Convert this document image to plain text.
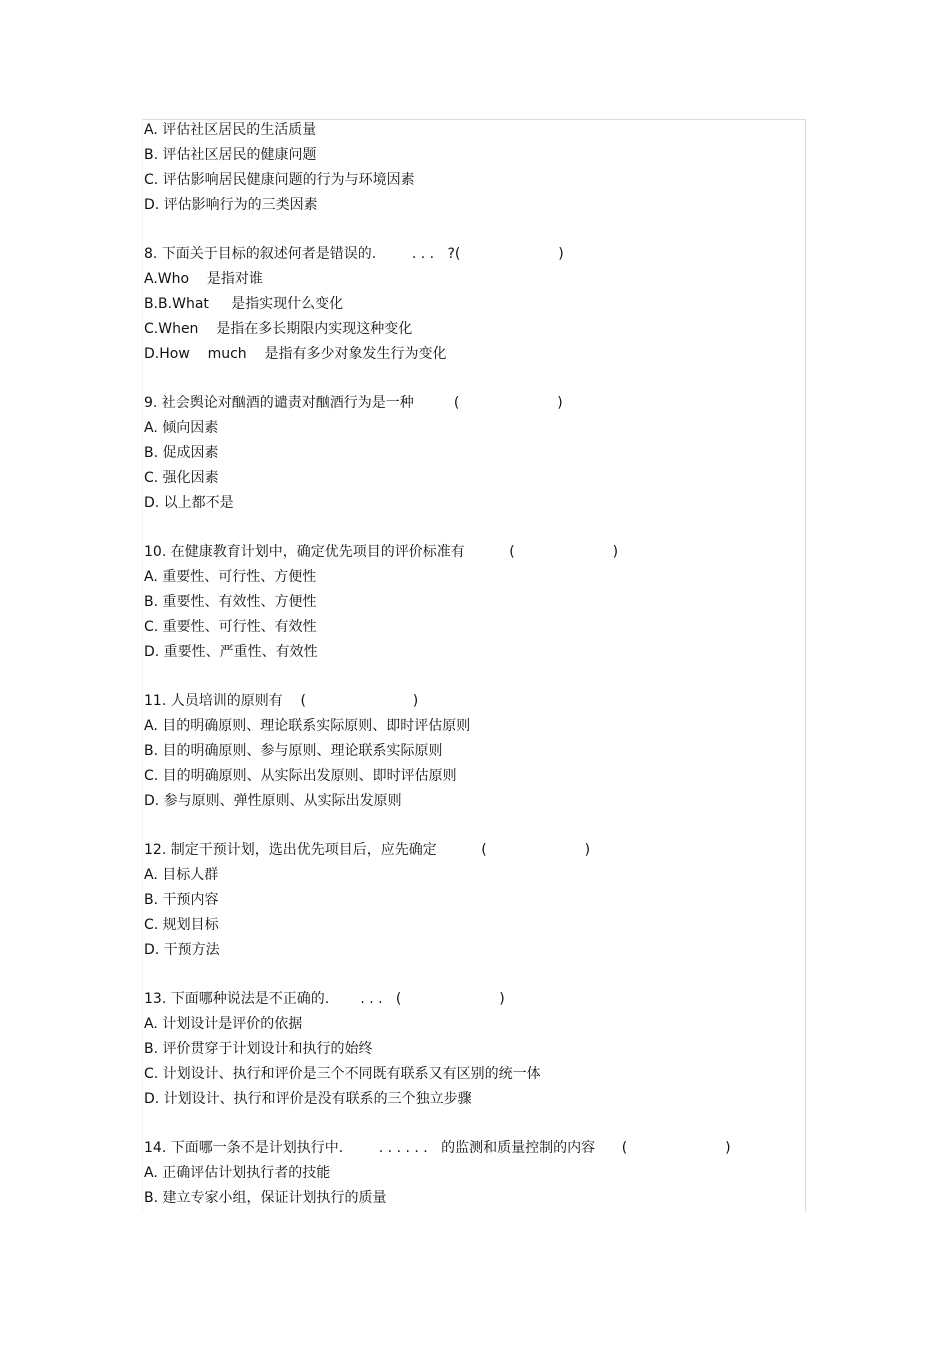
A. 评估社区居民的生活质量
B. 评估社区居民的健康问题
C. 评估影响居民健康问题的行为与环境因素
D. 评估影响行为的三类因素
8. 下面关于目标的叙述何者是错误的.        . . .   ?(                      )
A.Who    是指对谁
B.B.What     是指实现什么变化
C.When    是指在多长期限内实现这种变化
D.How    much    是指有多少对象发生行为变化
9. 社会舆论对酗酒的谴责对酗酒行为是一种         (                      )
A. 倾向因素
B. 促成因素
C. 强化因素
D. 以上都不是
10. 在健康教育计划中，确定优先项目的评价标准有          (                      )
A. 重要性、可行性、方便性
B. 重要性、有效性、方便性
C. 重要性、可行性、有效性
D. 重要性、严重性、有效性
11. 人员培训的原则有    (                        )
A. 目的明确原则、理论联系实际原则、即时评估原则
B. 目的明确原则、参与原则、理论联系实际原则
C. 目的明确原则、从实际出发原则、即时评估原则
D. 参与原则、弹性原则、从实际出发原则
12. 制定干预计划，选出优先项目后，应先确定          (                      )
A. 目标人群
B. 干预内容
C. 规划目标
D. 干预方法
13. 下面哪种说法是不正确的.       . . .   (                      )
A. 计划设计是评价的依据
B. 评价贯穿于计划设计和执行的始终
C. 计划设计、执行和评价是三个不同既有联系又有区别的统一体
D. 计划设计、执行和评价是没有联系的三个独立步骤
14. 下面哪一条不是计划执行中.        . . . . . .   的监测和质量控制的内容      (                      )
A. 正确评估计划执行者的技能
B. 建立专家小组，保证计划执行的质量
